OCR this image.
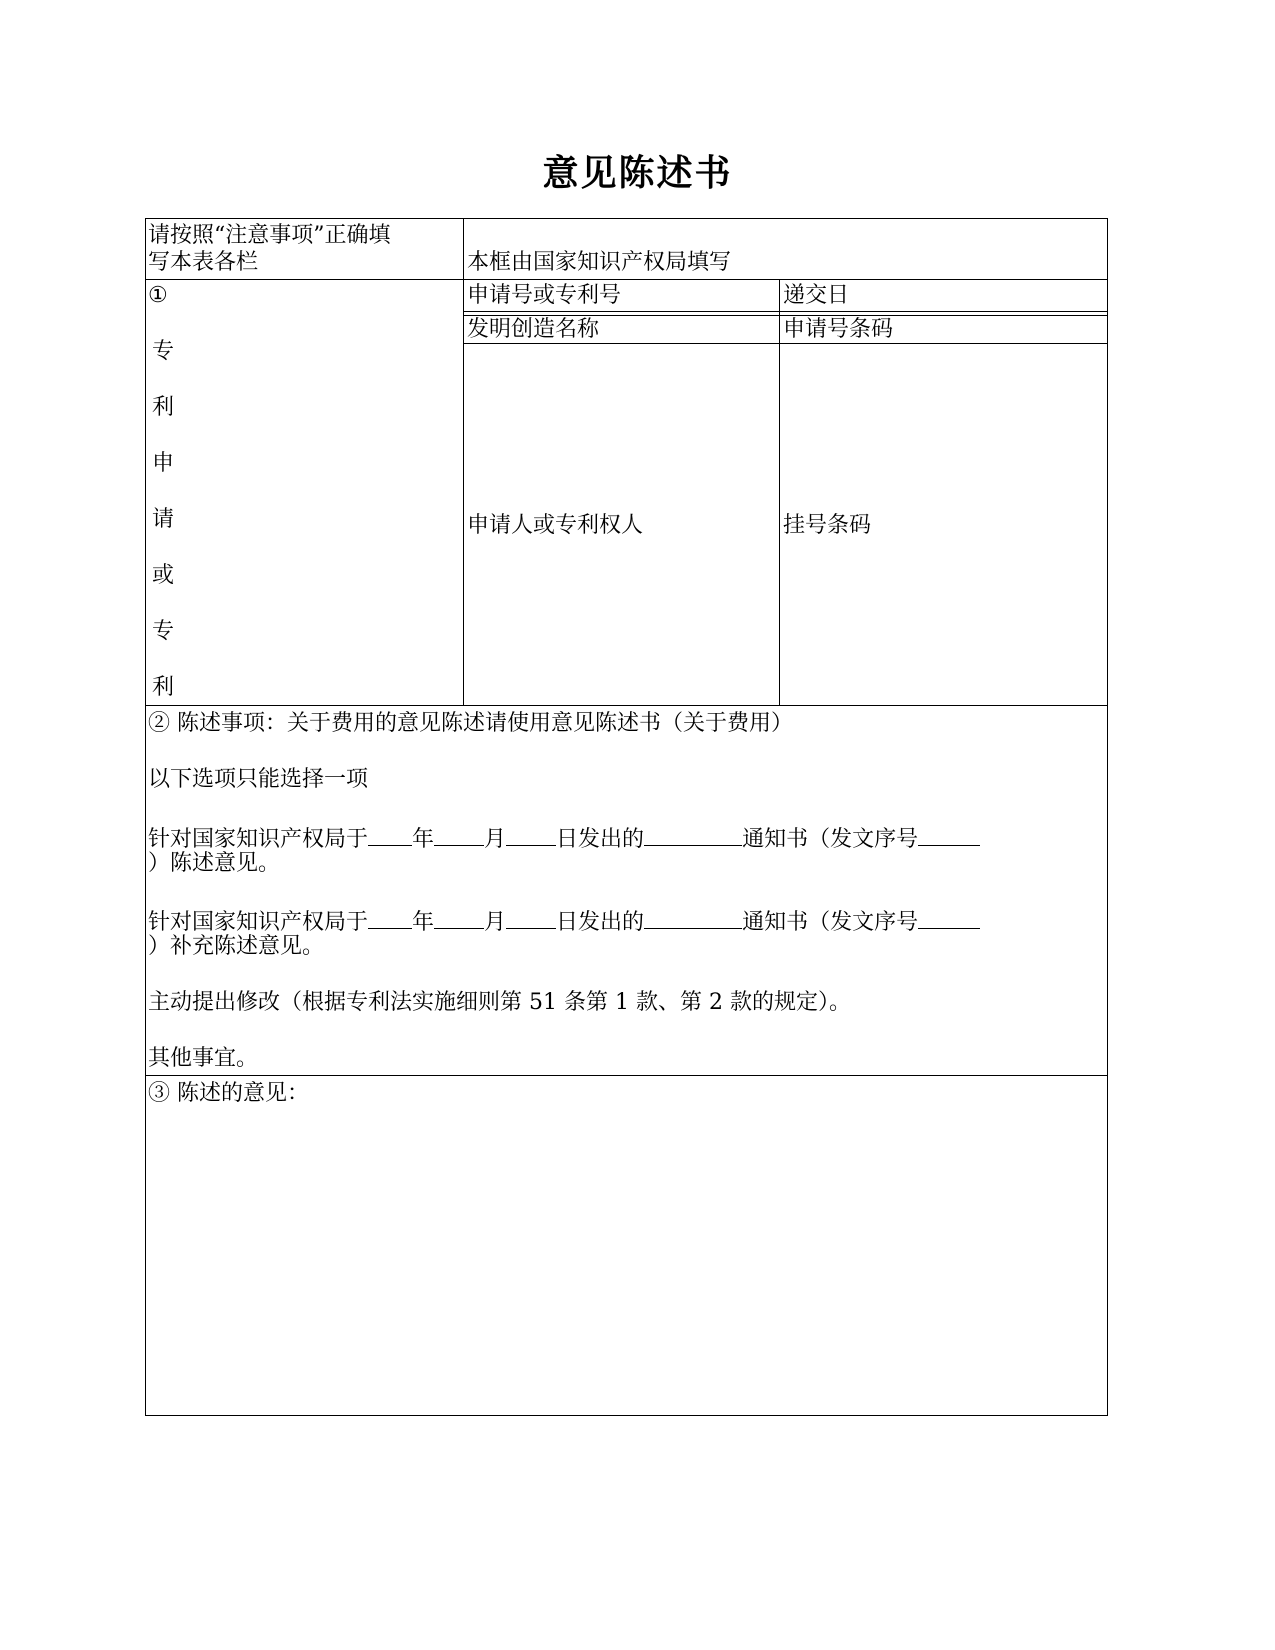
意见陈述书
请按照“注意事项”正确填
写本表各栏	本框由国家知识产权局填写
①
专
利
申
请
或
专
利
申请号或专利号	递交日
发明创造名称	申请号条码
申请人或专利权人	挂号条码
② 陈述事项：关于费用的意见陈述请使用意见陈述书（关于费用）
以下选项只能选择一项
针对国家知识产权局于 年 月 日发出的	通知书（发文序号
）陈述意见。
针对国家知识产权局于 年 月 日发出的	通知书（发文序号
）补充陈述意见。
主动提出修改（根据专利法实施细则第 51 条第 1 款、第 2 款的规定）。
其他事宜。
③ 陈述的意见：
